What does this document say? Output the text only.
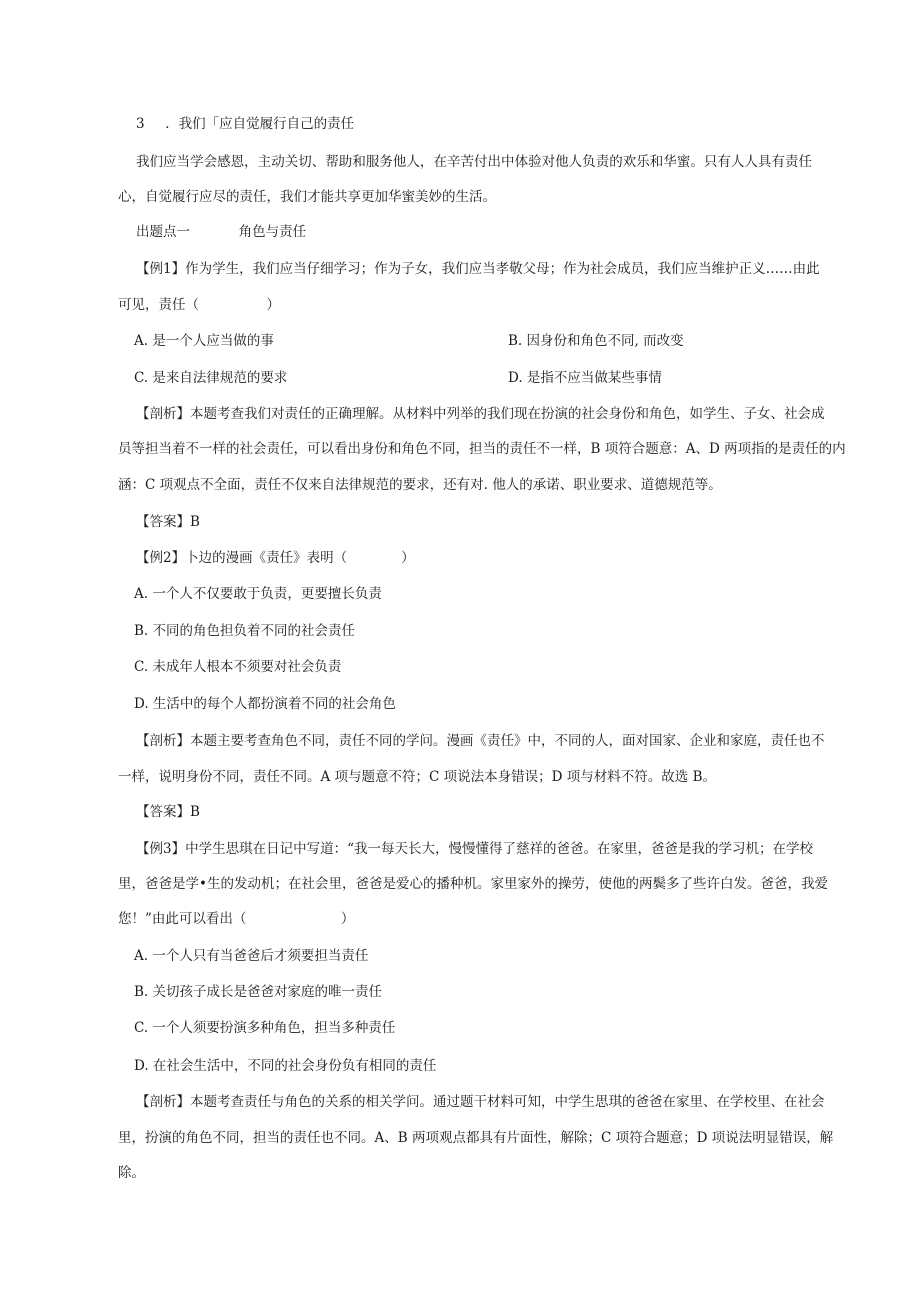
3 ．我们「应自觉履行自己的责任
我们应当学会感恩，主动关切、帮助和服务他人，在辛苦付出中体验对他人负责的欢乐和华蜜。只有人人具有责任
心，自觉履行应尽的责任，我们才能共享更加华蜜美妙的生活。
出题点一	角色与责任
【例1】作为学生，我们应当仔细学习；作为子女，我们应当孝敬父母；作为社会成员，我们应当维护正义……由此
可见，责任（　　　　　）
A. 是一个人应当做的事	B. 因身份和角色不同, 而改变
C. 是来自法律规范的要求	D. 是指不应当做某些事情
【剖析】本题考查我们对责任的正确理解。从材料中列举的我们现在扮演的社会身份和角色，如学生、子女、社会成
员等担当着不一样的社会责任，可以看出身份和角色不同，担当的责任不一样，B 项符合题意：A、D 两项指的是责任的内
涵：C 项观点不全面，责任不仅来自法律规范的要求，还有对. 他人的承诺、职业要求、道德规范等。
【答案】B
【例2】卜边的漫画《责任》表明（　　　　）
A. 一个人不仅要敢于负责，更要擅长负责
B. 不同的角色担负着不同的社会责任
C. 未成年人根本不须要对社会负责
D. 生活中的每个人都扮演着不同的社会角色
【剖析】本题主要考查角色不同，责任不同的学问。漫画《责任》中，不同的人，面对国家、企业和家庭，责任也不
一样，说明身份不同，责任不同。A 项与题意不符；C 项说法本身错误；D 项与材料不符。故选 B。
【答案】B
【例3】中学生思琪在日记中写道：“我一每天长大，慢慢懂得了慈祥的爸爸。在家里，爸爸是我的学习机；在学校
里，爸爸是学•生的发动机；在社会里，爸爸是爱心的播种机。家里家外的操劳，使他的两鬓多了些许白发。爸爸，我爱
您！”由此可以看出（　　　　　　　）
A. 一个人只有当爸爸后才须要担当责任
B. 关切孩子成长是爸爸对家庭的唯一责任
C. 一个人须要扮演多种角色，担当多种责任
D. 在社会生活中，不同的社会身份负有相同的责任
【剖析】本题考查责任与角色的关系的相关学问。通过题干材料可知，中学生思琪的爸爸在家里、在学校里、在社会
里，扮演的角色不同，担当的责任也不同。A、B 两项观点都具有片面性，解除；C 项符合题意；D 项说法明显错误，解
除。
